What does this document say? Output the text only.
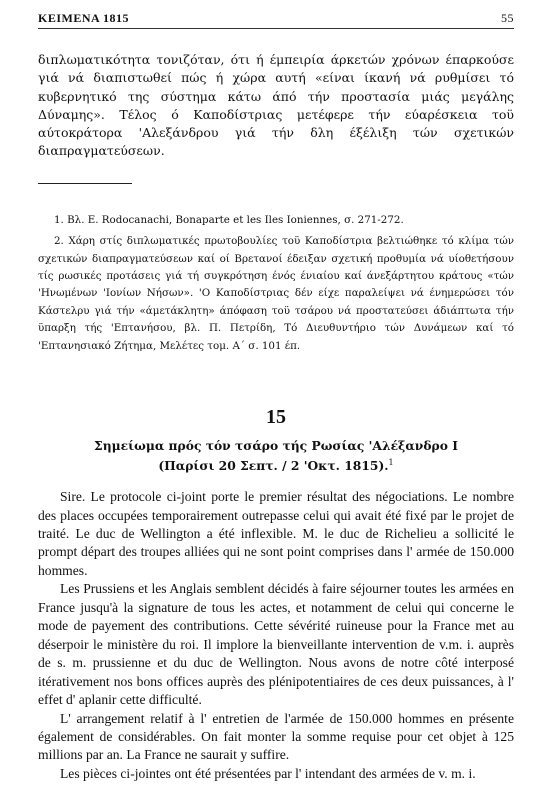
ΚΕΙΜΕΝΑ 1815	55
διπλωματικότητα τονιζόταν, ότι ή έμπειρία άρκετών χρόνων έπαρκούσε γιά νά διαπιστωθεί πώς ή χώρα αυτή «είναι ίκανή νά ρυθμίσει τό κυβερνητικό της σύστημα κάτω άπό τήν προστασία μιάς μεγάλης Δύναμης». Τέλος ό Καποδίστριας μετέφερε τήν εύαρέσκεια τοϋ αύτοκράτορα 'Αλεξάνδρου γιά τήν δλη έξέλιξη τών σχετικών διαπραγματεύσεων.

1. Βλ. E. Rodocanachi, Bonaparte et les Iles Ioniennes, σ. 271-272.

2. Χάρη στίς διπλωματικές πρωτοβουλίες τοϋ Καποδίστρια βελτιώθηκε τό κλίμα τών σχετικών διαπραγματεύσεων καί οί Βρετανοί έδειξαν σχετική προθυμία νά υίοθετήσουν τίς ρωσικές προτάσεις γιά τή συγκρότηση ένός ένιαίου καί άνεξάρτητου κράτους «τών 'Ηνωμένων 'Ιονίων Νήσων». 'Ο Καποδίστριας δέν είχε παραλείψει νά ένημερώσει τόν Κάστελρυ γιά τήν «άμετάκλητη» άπόφαση τοϋ τσάρου νά προστατεύσει άδιάπτωτα τήν ϋπαρξη τής 'Επτανήσου, βλ. Π. Πετρίδη, Τό Διευθυντήριο τών Δυνάμεων καί τό 'Επτανησιακό Ζήτημα, Μελέτες τομ. Α΄ σ. 101 έπ.

15
Σημείωμα πρός τόν τσάρο τής Ρωσίας 'Αλέξανδρο Ι
(Παρίσι 20 Σεπτ. / 2 'Οκτ. 1815).$^1$

Sire. Le protocole ci-joint porte le premier résultat des négociations. Le nombre des places occupées temporairement outrepasse celui qui avait été fixé par le projet de traité. Le duc de Wellington a été inflexible. M. le duc de Richelieu a sollicité le prompt départ des troupes alliées qui ne sont point comprises dans l' armée de 150.000 hommes.

Les Prussiens et les Anglais semblent décidés à faire séjourner toutes les armées en France jusqu'à la signature de tous les actes, et notamment de celui qui concerne le mode de payement des contributions. Cette sévérité ruineuse pour la France met au déserpoir le ministère du roi. Il implore la bienveillante intervention de v.m. i. auprès de s. m. prussienne et du duc de Wellington. Nous avons de notre côté interposé itérativement nos bons offices auprès des plénipotentiaires de ces deux puissances, à l' effet d' aplanir cette difficulté.

L' arrangement relatif à l' entretien de l'armée de 150.000 hommes en présente également de considérables. On fait monter la somme requise pour cet objet à 125 millions par an. La France ne saurait y suffire.

Les pièces ci-jointes ont été présentées par l' intendant des armées de v. m. i.
